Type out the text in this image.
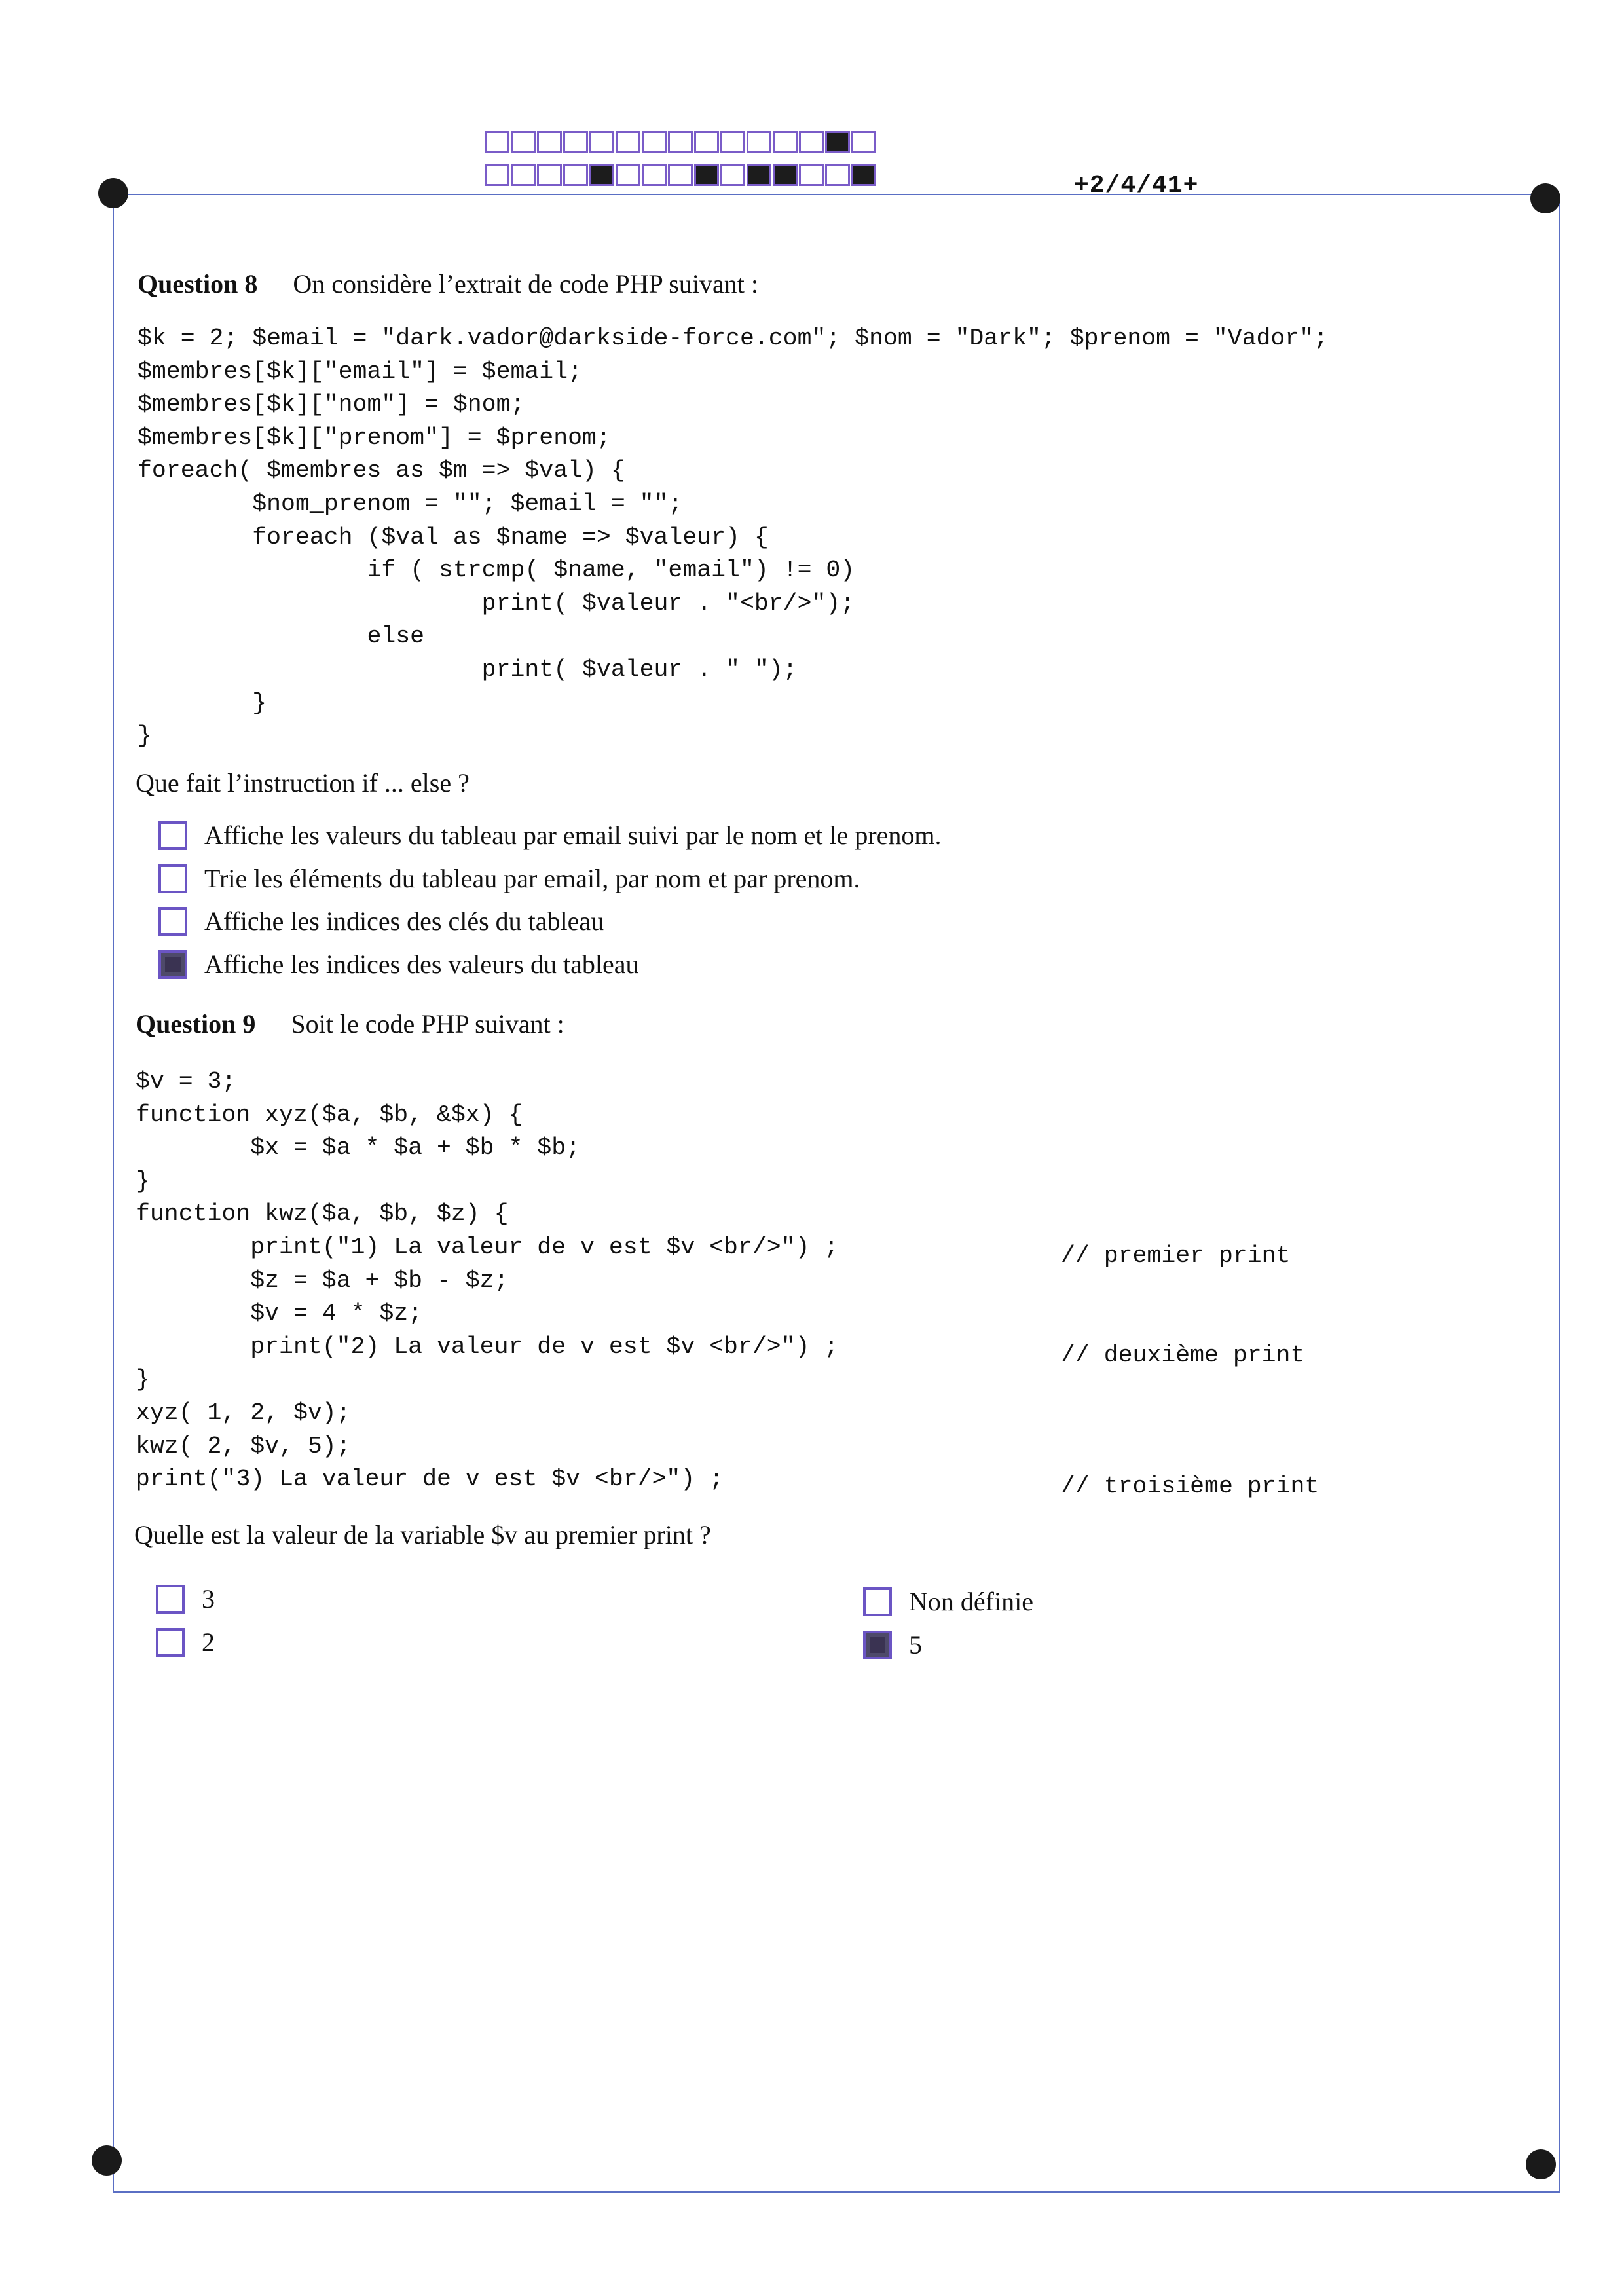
+2/4/41+
Question 8 On considère l’extrait de code PHP suivant :
$k = 2; $email = "dark.vador@darkside-force.com"; $nom = "Dark"; $prenom = "Vador";
$membres[$k]["email"] = $email;
$membres[$k]["nom"] = $nom;
$membres[$k]["prenom"] = $prenom;
foreach( $membres as $m => $val) {
$nom_prenom = ""; $email = "";
foreach ($val as $name => $valeur) {
if ( strcmp( $name, "email") != 0)
print( $valeur . "<br/>");
else
print( $valeur . " ");
}
}
Que fait l’instruction if ... else ?
Affiche les valeurs du tableau par email suivi par le nom et le prenom.
Trie les éléments du tableau par email, par nom et par prenom.
Affiche les indices des clés du tableau
Affiche les indices des valeurs du tableau
Question 9 Soit le code PHP suivant :
$v = 3;
function xyz($a, $b, &$x) {
$x = $a * $a + $b * $b;
}
function kwz($a, $b, $z) {
print("1) La valeur de v est $v <br/>") ;
$z = $a + $b - $z;
$v = 4 * $z;
print("2) La valeur de v est $v <br/>") ;
}
xyz( 1, 2, $v);
kwz( 2, $v, 5);
print("3) La valeur de v est $v <br/>") ;
// premier print
// deuxième print
// troisième print
Quelle est la valeur de la variable $v au premier print ?
3
2
Non définie
5
